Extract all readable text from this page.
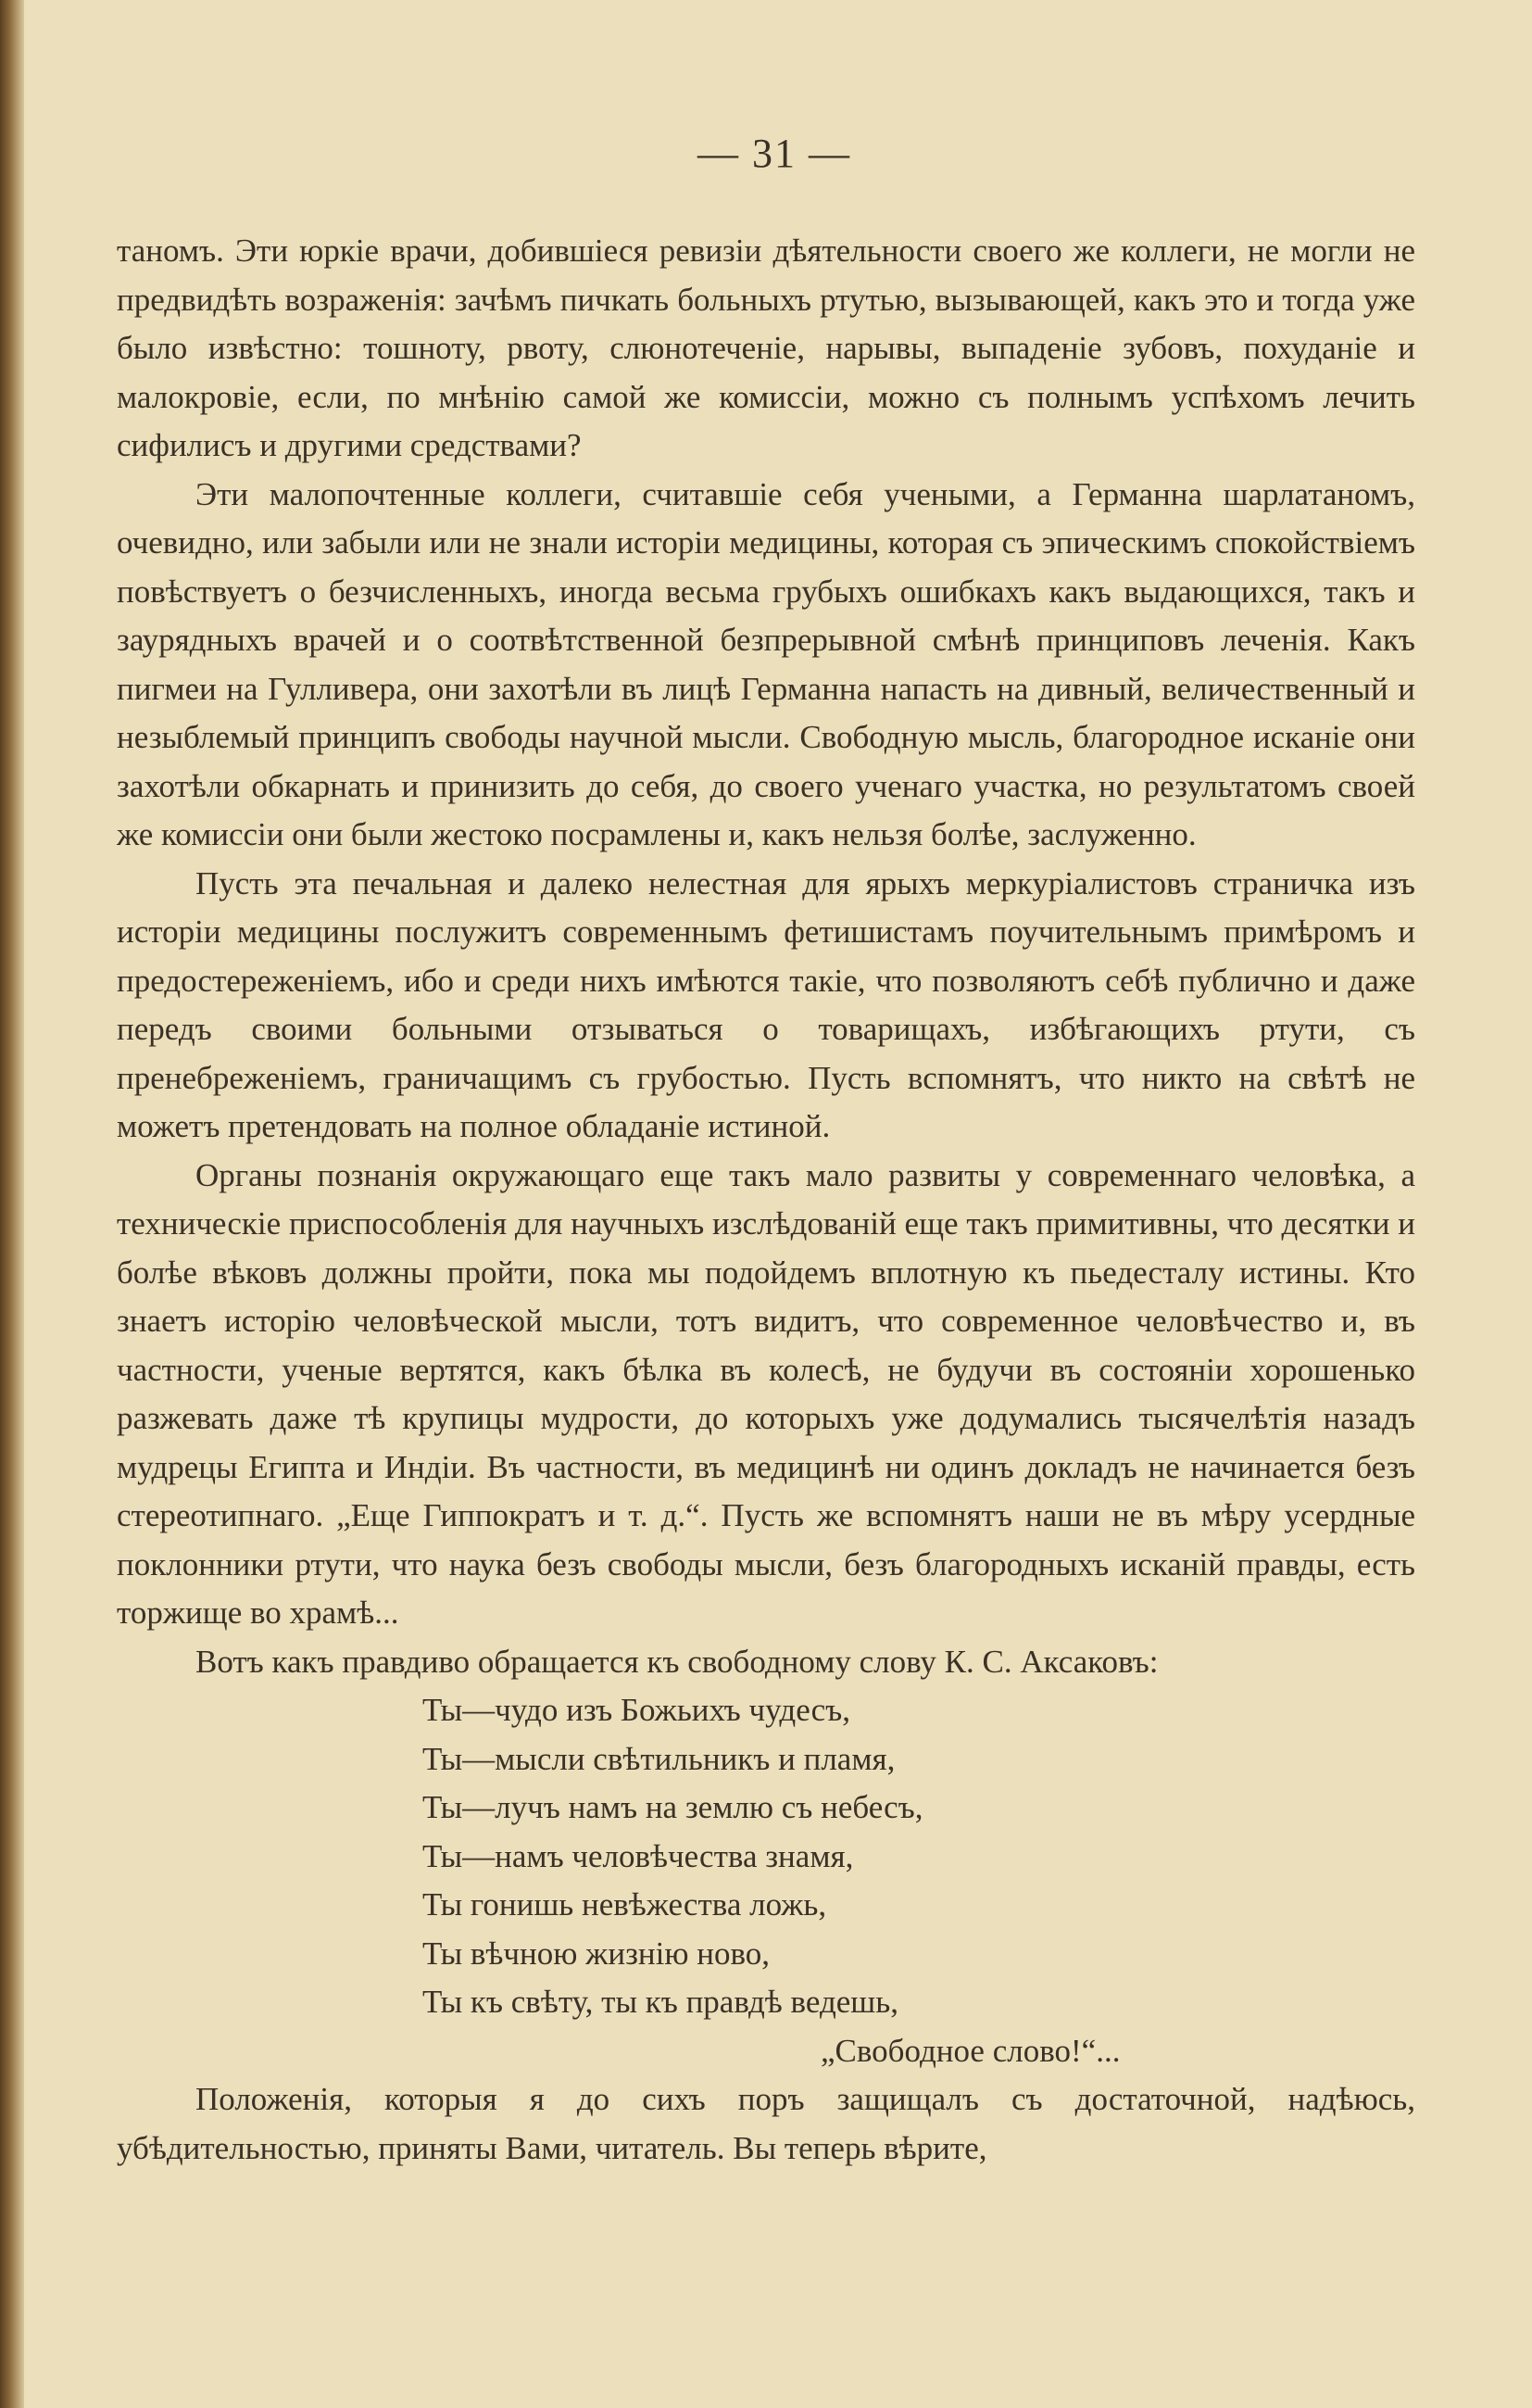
— 31 —

таномъ. Эти юркіе врачи, добившіеся ревизіи дѣятельности своего же коллеги, не могли не предвидѣть возраженія: зачѣмъ пичкать больныхъ ртутью, вызывающей, какъ это и тогда уже было извѣстно: тошноту, рвоту, слюнотеченіе, нарывы, выпаденіе зубовъ, похуданіе и малокровіе, если, по мнѣнію самой же комиссіи, можно съ полнымъ успѣхомъ лечить сифилисъ и другими средствами?

Эти малопочтенные коллеги, считавшіе себя учеными, а Германна шарлатаномъ, очевидно, или забыли или не знали исторіи медицины, которая съ эпическимъ спокойствіемъ повѣствуетъ о безчисленныхъ, иногда весьма грубыхъ ошибкахъ какъ выдающихся, такъ и заурядныхъ врачей и о соотвѣтственной безпрерывной смѣнѣ принциповъ леченія. Какъ пигмеи на Гулливера, они захотѣли въ лицѣ Германна напасть на дивный, величественный и незыблемый принципъ свободы научной мысли. Свободную мысль, благородное исканіе они захотѣли обкарнать и принизить до себя, до своего ученаго участка, но результатомъ своей же комиссіи они были жестоко посрамлены и, какъ нельзя болѣе, заслуженно.

Пусть эта печальная и далеко нелестная для ярыхъ меркуріалистовъ страничка изъ исторіи медицины послужитъ современнымъ фетишистамъ поучительнымъ примѣромъ и предостереженіемъ, ибо и среди нихъ имѣются такіе, что позволяютъ себѣ публично и даже передъ своими больными отзываться о товарищахъ, избѣгающихъ ртути, съ пренебреженіемъ, граничащимъ съ грубостью. Пусть вспомнятъ, что никто на свѣтѣ не можетъ претендовать на полное обладаніе истиной.

Органы познанія окружающаго еще такъ мало развиты у современнаго человѣка, а техническіе приспособленія для научныхъ изслѣдованій еще такъ примитивны, что десятки и болѣе вѣковъ должны пройти, пока мы подойдемъ вплотную къ пьедесталу истины. Кто знаетъ исторію человѣческой мысли, тотъ видитъ, что современное человѣчество и, въ частности, ученые вертятся, какъ бѣлка въ колесѣ, не будучи въ состояніи хорошенько разжевать даже тѣ крупицы мудрости, до которыхъ уже додумались тысячелѣтія назадъ мудрецы Египта и Индіи. Въ частности, въ медицинѣ ни одинъ докладъ не начинается безъ стереотипнаго. „Еще Гиппократъ и т. д.“. Пусть же вспомнятъ наши не въ мѣру усердные поклонники ртути, что наука безъ свободы мысли, безъ благородныхъ исканій правды, есть торжище во храмѣ...

Вотъ какъ правдиво обращается къ свободному слову К. С. Аксаковъ:

Ты—чудо изъ Божьихъ чудесъ,
Ты—мысли свѣтильникъ и пламя,
Ты—лучъ намъ на землю съ небесъ,
Ты—намъ человѣчества знамя,
Ты гонишь невѣжества ложь,
Ты вѣчною жизнію ново,
Ты къ свѣту, ты къ правдѣ ведешь,
„Свободное слово!“...

Положенія, которыя я до сихъ поръ защищалъ съ достаточной, надѣюсь, убѣдительностью, приняты Вами, читатель. Вы теперь вѣрите,
